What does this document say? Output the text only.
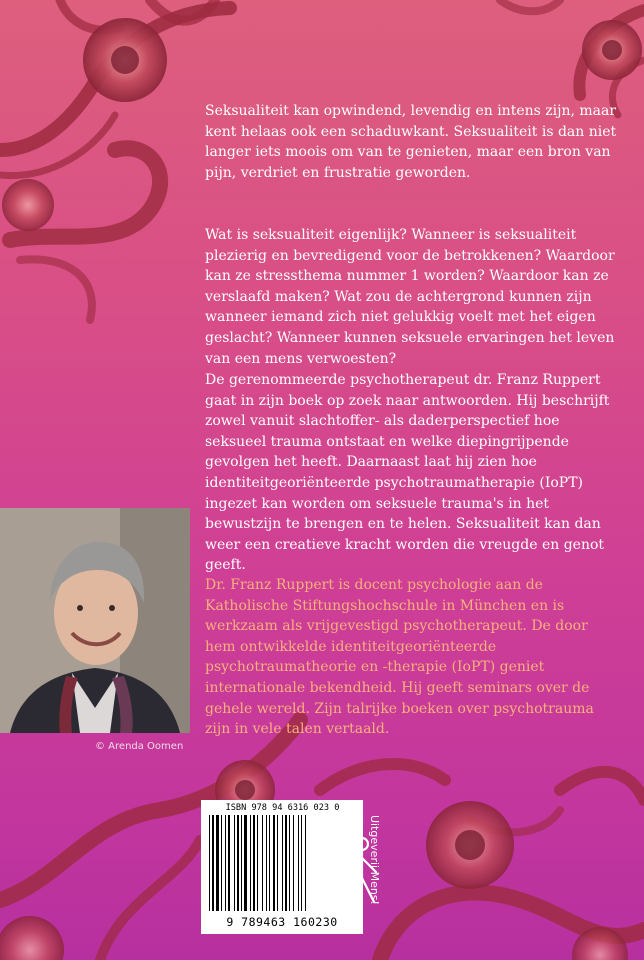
Seksualiteit kan opwindend, levendig en intens zijn, maar kent helaas ook een schaduwkant. Seksualiteit is dan niet langer iets moois om van te genieten, maar een bron van pijn, verdriet en frustratie geworden.

Wat is seksualiteit eigenlijk? Wanneer is seksualiteit plezierig en bevredigend voor de betrokkenen? Waardoor kan ze stressthema nummer 1 worden? Waardoor kan ze verslaafd maken? Wat zou de achtergrond kunnen zijn wanneer iemand zich niet gelukkig voelt met het eigen geslacht? Wanneer kunnen seksuele ervaringen het leven van een mens verwoesten?

De gerenommeerde psychotherapeut dr. Franz Ruppert gaat in zijn boek op zoek naar antwoorden. Hij beschrijft zowel vanuit slachtoffer- als daderperspectief hoe seksueel trauma ontstaat en welke diepingrijpende gevolgen het heeft. Daarnaast laat hij zien hoe identiteitgeoriënteerde psychotraumatherapie (IoPT) ingezet kan worden om seksuele trauma's in het bewustzijn te brengen en te helen. Seksualiteit kan dan weer een creatieve kracht worden die vreugde en genot geeft.

© Arenda Oomen

Dr. Franz Ruppert is docent psychologie aan de Katholische Stiftungshochschule in München en is werkzaam als vrijgevestigd psychotherapeut. De door hem ontwikkelde identiteitgeoriënteerde psychotraumatheorie en -therapie (IoPT) geniet internationale bekendheid. Hij geeft seminars over de gehele wereld. Zijn talrijke boeken over psychotrauma zijn in vele talen vertaald.

ISBN 978 94 6316 023 0
9 789463 160230
Uitgeverij Mens!
